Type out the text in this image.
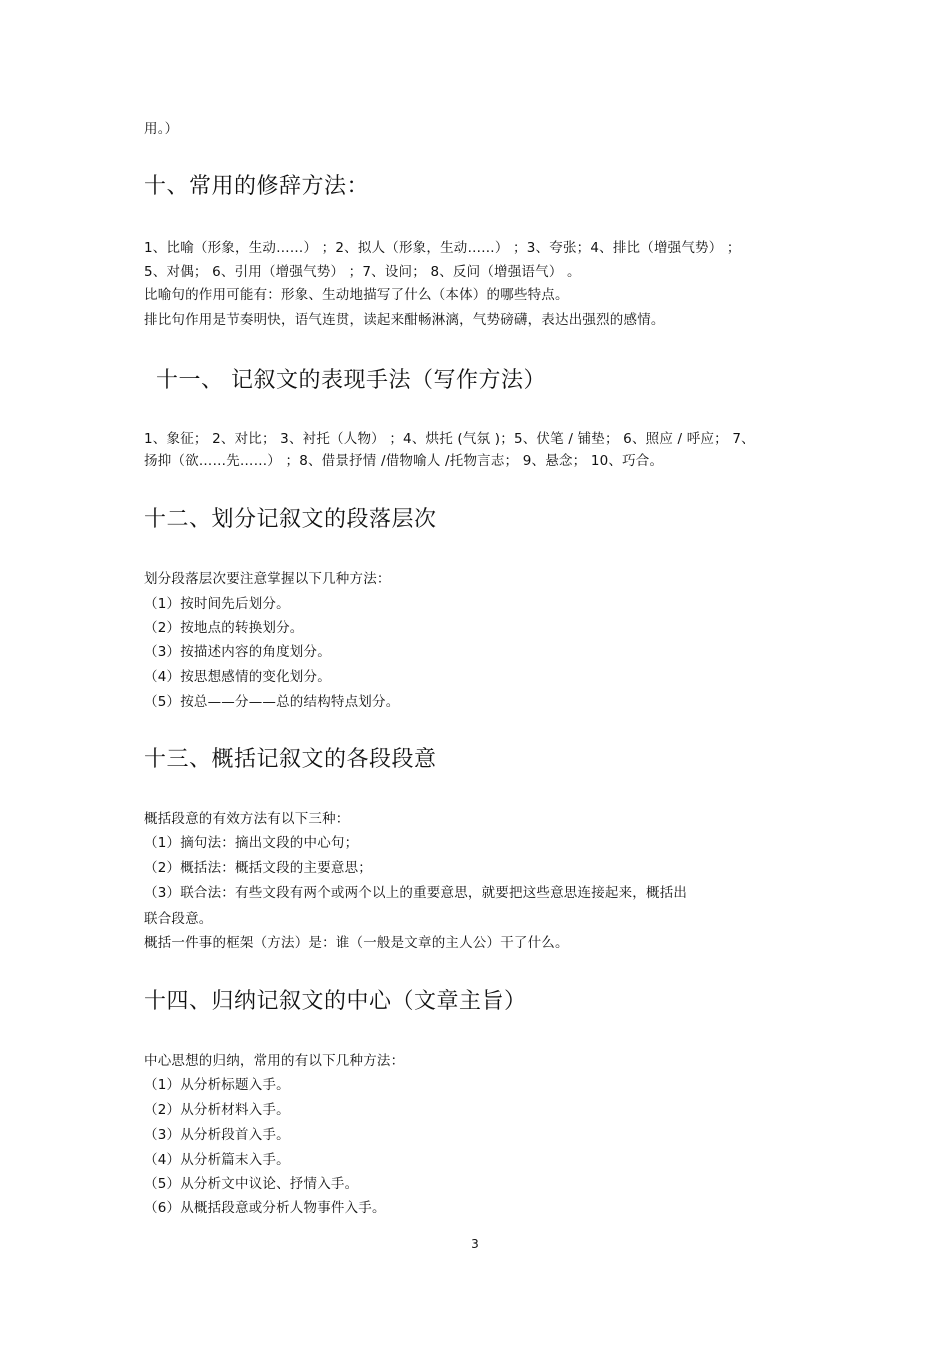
用。）
十、常用的修辞方法：
1、比喻（形象，生动……） ；2、拟人（形象，生动……） ；3、夸张；4、排比（增强气势） ；
5、对偶； 6、引用（增强气势） ；7、设问； 8、反问（增强语气） 。
比喻句的作用可能有：形象、生动地描写了什么（本体）的哪些特点。
排比句作用是节奏明快，语气连贯，读起来酣畅淋漓，气势磅礴，表达出强烈的感情。
十一、 记叙文的表现手法（写作方法）
1、象征； 2、对比； 3、衬托（人物） ；4、烘托 (气氛 )；5、伏笔 / 铺垫； 6、照应 / 呼应； 7、
扬抑（欲……先……） ；8、借景抒情 /借物喻人 /托物言志； 9、悬念； 10、巧合。
十二、划分记叙文的段落层次
划分段落层次要注意掌握以下几种方法：
（1）按时间先后划分。
（2）按地点的转换划分。
（3）按描述内容的角度划分。
（4）按思想感情的变化划分。
（5）按总——分——总的结构特点划分。
十三、概括记叙文的各段段意
概括段意的有效方法有以下三种：
（1）摘句法：摘出文段的中心句；
（2）概括法：概括文段的主要意思；
（3）联合法：有些文段有两个或两个以上的重要意思，就要把这些意思连接起来，概括出
联合段意。
概括一件事的框架（方法）是：谁（一般是文章的主人公）干了什么。
十四、归纳记叙文的中心（文章主旨）
中心思想的归纳，常用的有以下几种方法：
（1）从分析标题入手。
（2）从分析材料入手。
（3）从分析段首入手。
（4）从分析篇末入手。
（5）从分析文中议论、抒情入手。
（6）从概括段意或分析人物事件入手。
3
